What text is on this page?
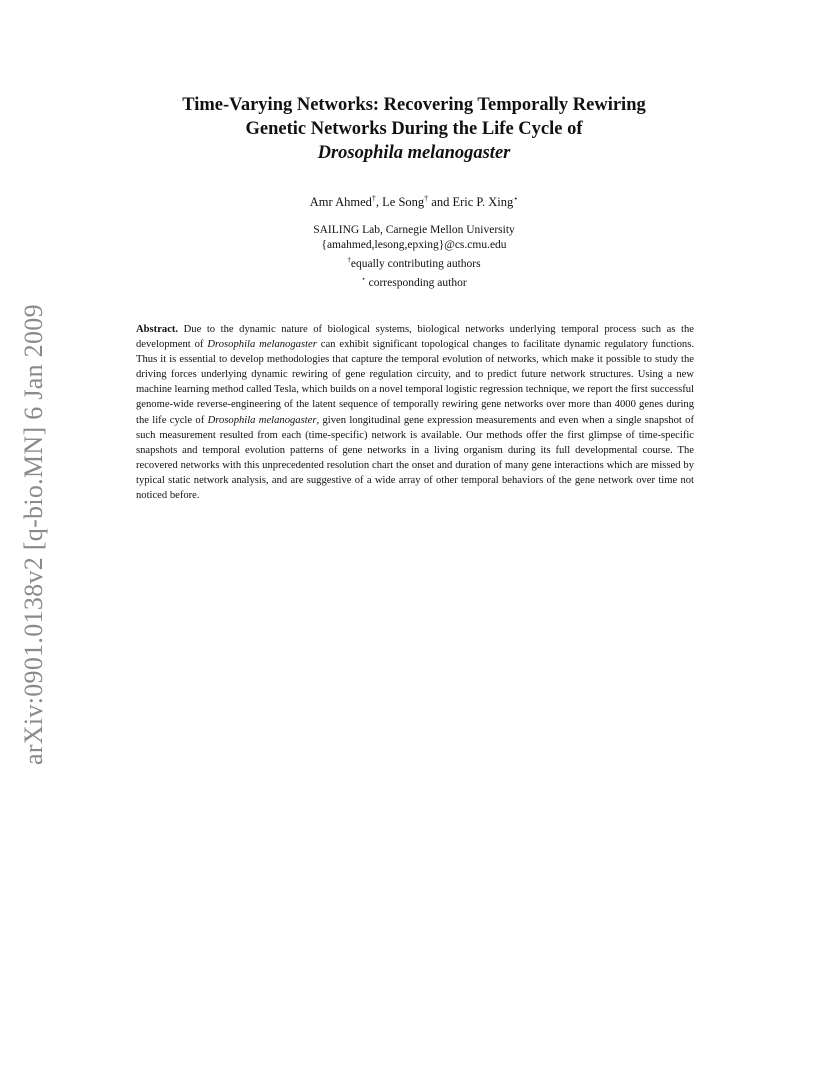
arXiv:0901.0138v2 [q-bio.MN] 6 Jan 2009
Time-Varying Networks: Recovering Temporally Rewiring
Genetic Networks During the Life Cycle of
Drosophila melanogaster
Amr Ahmed†, Le Song† and Eric P. Xing⋆
SAILING Lab, Carnegie Mellon University
{amahmed,lesong,epxing}@cs.cmu.edu
†equally contributing authors
⋆ corresponding author
Abstract. Due to the dynamic nature of biological systems, biological networks underlying temporal process such as the development of Drosophila melanogaster can exhibit significant topological changes to facilitate dynamic regulatory functions. Thus it is essential to develop methodologies that capture the temporal evolution of networks, which make it possible to study the driving forces underlying dynamic rewiring of gene regulation circuity, and to predict future network structures. Using a new machine learning method called Tesla, which builds on a novel temporal logistic regression technique, we report the first successful genome-wide reverse-engineering of the latent sequence of temporally rewiring gene networks over more than 4000 genes during the life cycle of Drosophila melanogaster, given longitudinal gene expression measurements and even when a single snapshot of such measurement resulted from each (time-specific) network is available. Our methods offer the first glimpse of time-specific snapshots and temporal evolution patterns of gene networks in a living organism during its full developmental course. The recovered networks with this unprecedented resolution chart the onset and duration of many gene interactions which are missed by typical static network analysis, and are suggestive of a wide array of other temporal behaviors of the gene network over time not noticed before.
